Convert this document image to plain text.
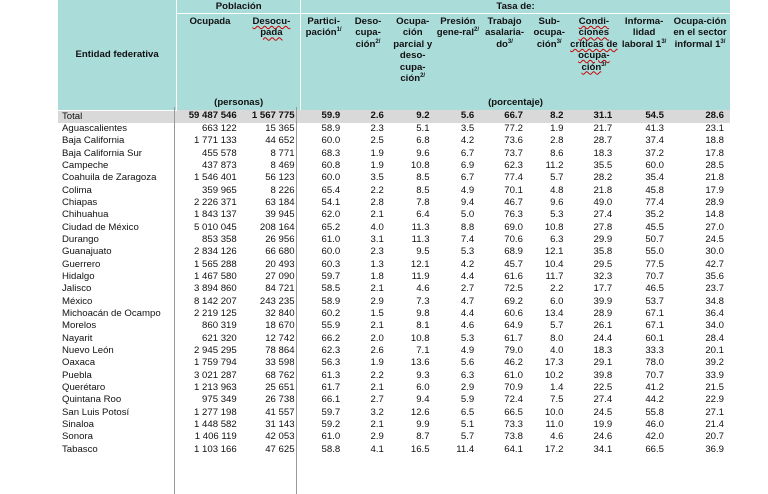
Entidad federativa	Población		Tasa de:								
	Ocupada	Desocu-pada	Partici-pación$^{1/}$	Deso-cupa-ción$^{2/}$	Ocupa-ción parcial y deso-cupa-ción$^{2/}$	Presión gene-ral$^{2/}$	Trabajo asalaria-$do^{3/}$	Sub-ocupa-ción$^{3/}$	Condi-ciones críticas de ocupa-ción$^{3/}$	Informa-lidad laboral $1^{3/}$	Ocupa-ción en el sector informal $1^{3/}$
	(personas)		(porcentaje)								
Total	59 487 546	1 567 775	59.9	2.6	9.2	5.6	66.7	8.2	31.1	54.5	28.6
Aguascalientes	663 122	15 365	58.9	2.3	5.1	3.5	77.2	1.9	21.7	41.3	23.1
Baja California	1 771 133	44 652	60.0	2.5	6.8	4.2	73.6	2.8	28.7	37.4	18.8
Baja California Sur	455 578	8 771	68.3	1.9	9.6	6.7	73.7	8.6	18.3	37.2	17.8
Campeche	437 873	8 469	60.8	1.9	10.8	6.9	62.3	11.2	35.5	60.0	28.5
Coahuila de Zaragoza	1 546 401	56 123	60.0	3.5	8.5	6.7	77.4	5.7	28.2	35.4	21.8
Colima	359 965	8 226	65.4	2.2	8.5	4.9	70.1	4.8	21.8	45.8	17.9
Chiapas	2 226 371	63 184	54.1	2.8	7.8	9.4	46.7	9.6	49.0	77.4	28.9
Chihuahua	1 843 137	39 945	62.0	2.1	6.4	5.0	76.3	5.3	27.4	35.2	14.8
Ciudad de México	5 010 045	208 164	65.2	4.0	11.3	8.8	69.0	10.8	27.8	45.5	27.0
Durango	853 358	26 956	61.0	3.1	11.3	7.4	70.6	6.3	29.9	50.7	24.5
Guanajuato	2 834 126	66 680	60.0	2.3	9.5	5.3	68.9	12.1	35.8	55.0	30.0
Guerrero	1 565 288	20 493	60.3	1.3	12.1	4.2	45.7	10.4	29.5	77.5	42.7
Hidalgo	1 467 580	27 090	59.7	1.8	11.9	4.4	61.6	11.7	32.3	70.7	35.6
Jalisco	3 894 860	84 721	58.5	2.1	4.6	2.7	72.5	2.2	17.7	46.5	23.7
México	8 142 207	243 235	58.9	2.9	7.3	4.7	69.2	6.0	39.9	53.7	34.8
Michoacán de Ocampo	2 219 125	32 840	60.2	1.5	9.8	4.4	60.6	13.4	28.9	67.1	36.4
Morelos	860 319	18 670	55.9	2.1	8.1	4.6	64.9	5.7	26.1	67.1	34.0
Nayarit	621 320	12 742	66.2	2.0	10.8	5.3	61.7	8.0	24.4	60.1	28.4
Nuevo León	2 945 295	78 864	62.3	2.6	7.1	4.9	79.0	4.0	18.3	33.3	20.1
Oaxaca	1 759 794	33 598	56.3	1.9	13.6	5.6	46.2	17.3	29.1	78.0	39.2
Puebla	3 021 287	68 762	61.3	2.2	9.3	6.3	61.0	10.2	39.8	70.7	33.9
Querétaro	1 213 963	25 651	61.7	2.1	6.0	2.9	70.9	1.4	22.5	41.2	21.5
Quintana Roo	975 349	26 738	66.1	2.7	9.4	5.9	72.4	7.5	27.4	44.2	22.9
San Luis Potosí	1 277 198	41 557	59.7	3.2	12.6	6.5	66.5	10.0	24.5	55.8	27.1
Sinaloa	1 448 582	31 143	59.2	2.1	9.9	5.1	73.3	11.0	19.9	46.0	21.4
Sonora	1 406 119	42 053	61.0	2.9	8.7	5.7	73.8	4.6	24.6	42.0	20.7
Tabasco	1 103 166	47 625	58.8	4.1	16.5	11.4	64.1	17.2	34.1	66.5	36.9
